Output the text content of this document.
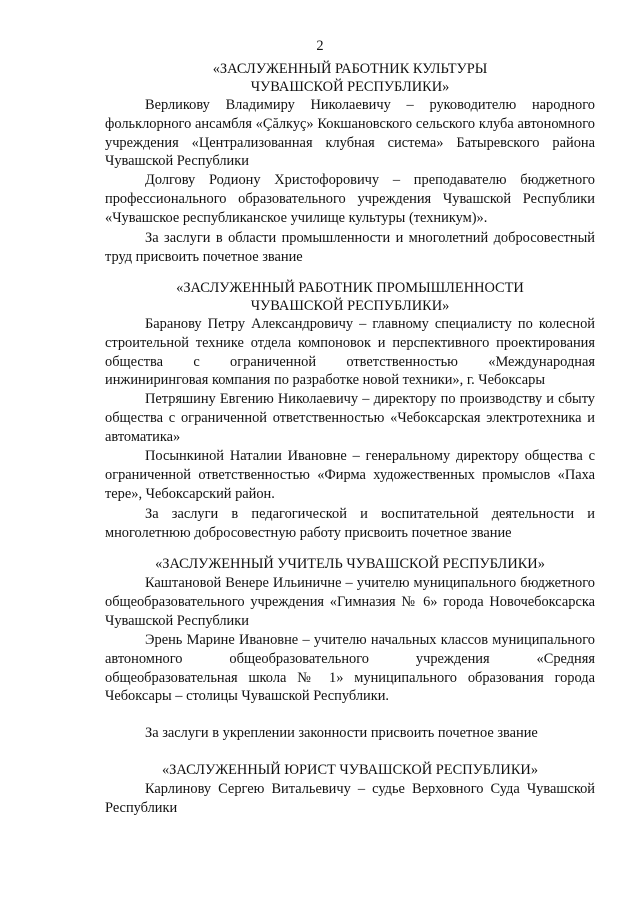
2
«ЗАСЛУЖЕННЫЙ РАБОТНИК КУЛЬТУРЫ
ЧУВАШСКОЙ РЕСПУБЛИКИ»
Верликову Владимиру Николаевичу – руководителю народного фольклорного ансамбля «Çăлкуç» Кокшановского сельского клуба автономного учреждения «Централизованная клубная система» Батыревского района Чувашской Республики
Долгову Родиону Христофоровичу – преподавателю бюджетного профессионального образовательного учреждения Чувашской Республики «Чувашское республиканское училище культуры (техникум)».
За заслуги в области промышленности и многолетний добросовестный труд присвоить почетное звание
«ЗАСЛУЖЕННЫЙ РАБОТНИК ПРОМЫШЛЕННОСТИ
ЧУВАШСКОЙ РЕСПУБЛИКИ»
Баранову Петру Александровичу – главному специалисту по колесной строительной технике отдела компоновок и перспективного проектирования общества с ограниченной ответственностью «Международная инжиниринговая компания по разработке новой техники», г. Чебоксары
Петряшину Евгению Николаевичу – директору по производству и сбыту общества с ограниченной ответственностью «Чебоксарская электротехника и автоматика»
Посынкиной Наталии Ивановне – генеральному директору общества с ограниченной ответственностью «Фирма художественных промыслов «Паха тере», Чебоксарский район.
За заслуги в педагогической и воспитательной деятельности и многолетнюю добросовестную работу присвоить почетное звание
«ЗАСЛУЖЕННЫЙ УЧИТЕЛЬ ЧУВАШСКОЙ РЕСПУБЛИКИ»
Каштановой Венере Ильиничне – учителю муниципального бюджетного общеобразовательного учреждения «Гимназия № 6» города Новочебоксарска Чувашской Республики
Эрень Марине Ивановне – учителю начальных классов муниципального автономного общеобразовательного учреждения «Средняя общеобразовательная школа № 1» муниципального образования города Чебоксары – столицы Чувашской Республики.
За заслуги в укреплении законности присвоить почетное звание
«ЗАСЛУЖЕННЫЙ ЮРИСТ ЧУВАШСКОЙ РЕСПУБЛИКИ»
Карлинову Сергею Витальевичу – судье Верховного Суда Чувашской Республики
